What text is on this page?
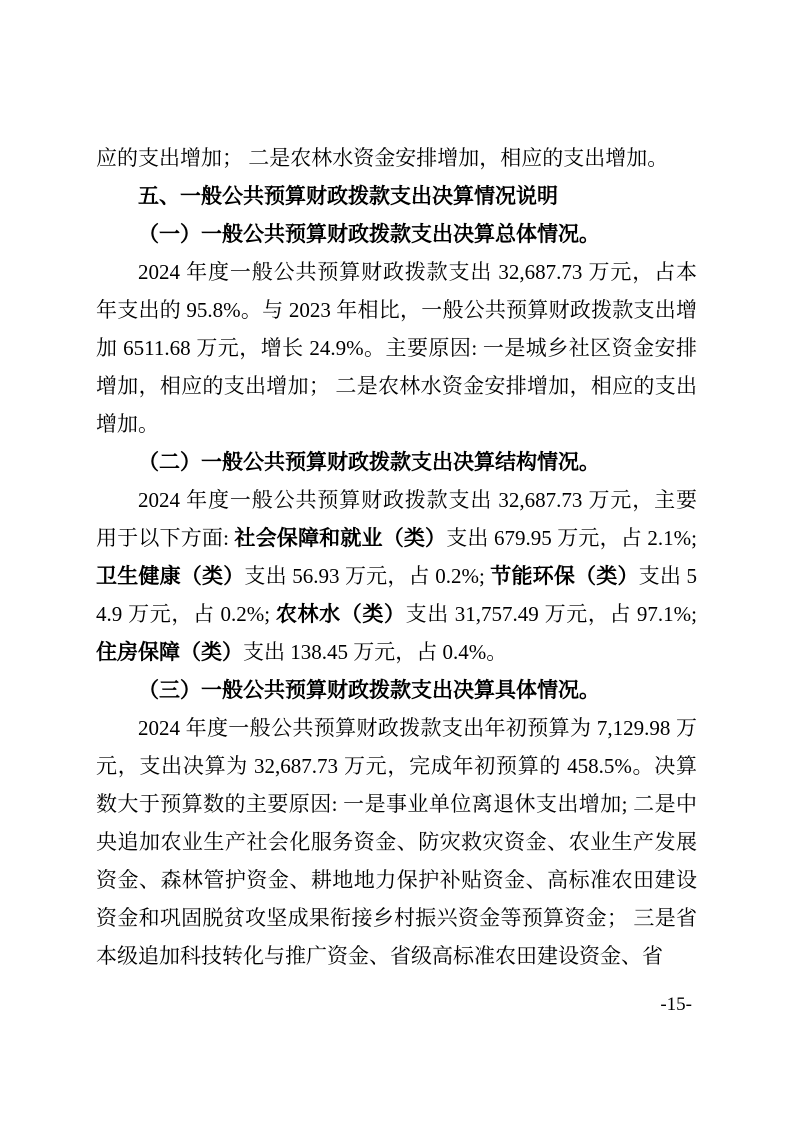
应的支出增加； 二是农林水资金安排增加，相应的支出增加。

五、一般公共预算财政拨款支出决算情况说明

（一）一般公共预算财政拨款支出决算总体情况。

2024 年度一般公共预算财政拨款支出 32,687.73 万元，占本年支出的 95.8%。与 2023 年相比，一般公共预算财政拨款支出增加 6511.68 万元，增长 24.9%。主要原因: 一是城乡社区资金安排增加，相应的支出增加； 二是农林水资金安排增加，相应的支出增加。

（二）一般公共预算财政拨款支出决算结构情况。

2024 年度一般公共预算财政拨款支出 32,687.73 万元，主要用于以下方面: 社会保障和就业（类）支出 679.95 万元，占 2.1%; 卫生健康（类）支出 56.93 万元，占 0.2%; 节能环保（类）支出 54.9 万元，占 0.2%; 农林水（类）支出 31,757.49 万元，占 97.1%; 住房保障（类）支出 138.45 万元，占 0.4%。

（三）一般公共预算财政拨款支出决算具体情况。

2024 年度一般公共预算财政拨款支出年初预算为 7,129.98 万元，支出决算为 32,687.73 万元，完成年初预算的 458.5%。决算数大于预算数的主要原因: 一是事业单位离退休支出增加; 二是中央追加农业生产社会化服务资金、防灾救灾资金、农业生产发展资金、森林管护资金、耕地地力保护补贴资金、高标准农田建设资金和巩固脱贫攻坚成果衔接乡村振兴资金等预算资金； 三是省本级追加科技转化与推广资金、省级高标准农田建设资金、省

-15-
